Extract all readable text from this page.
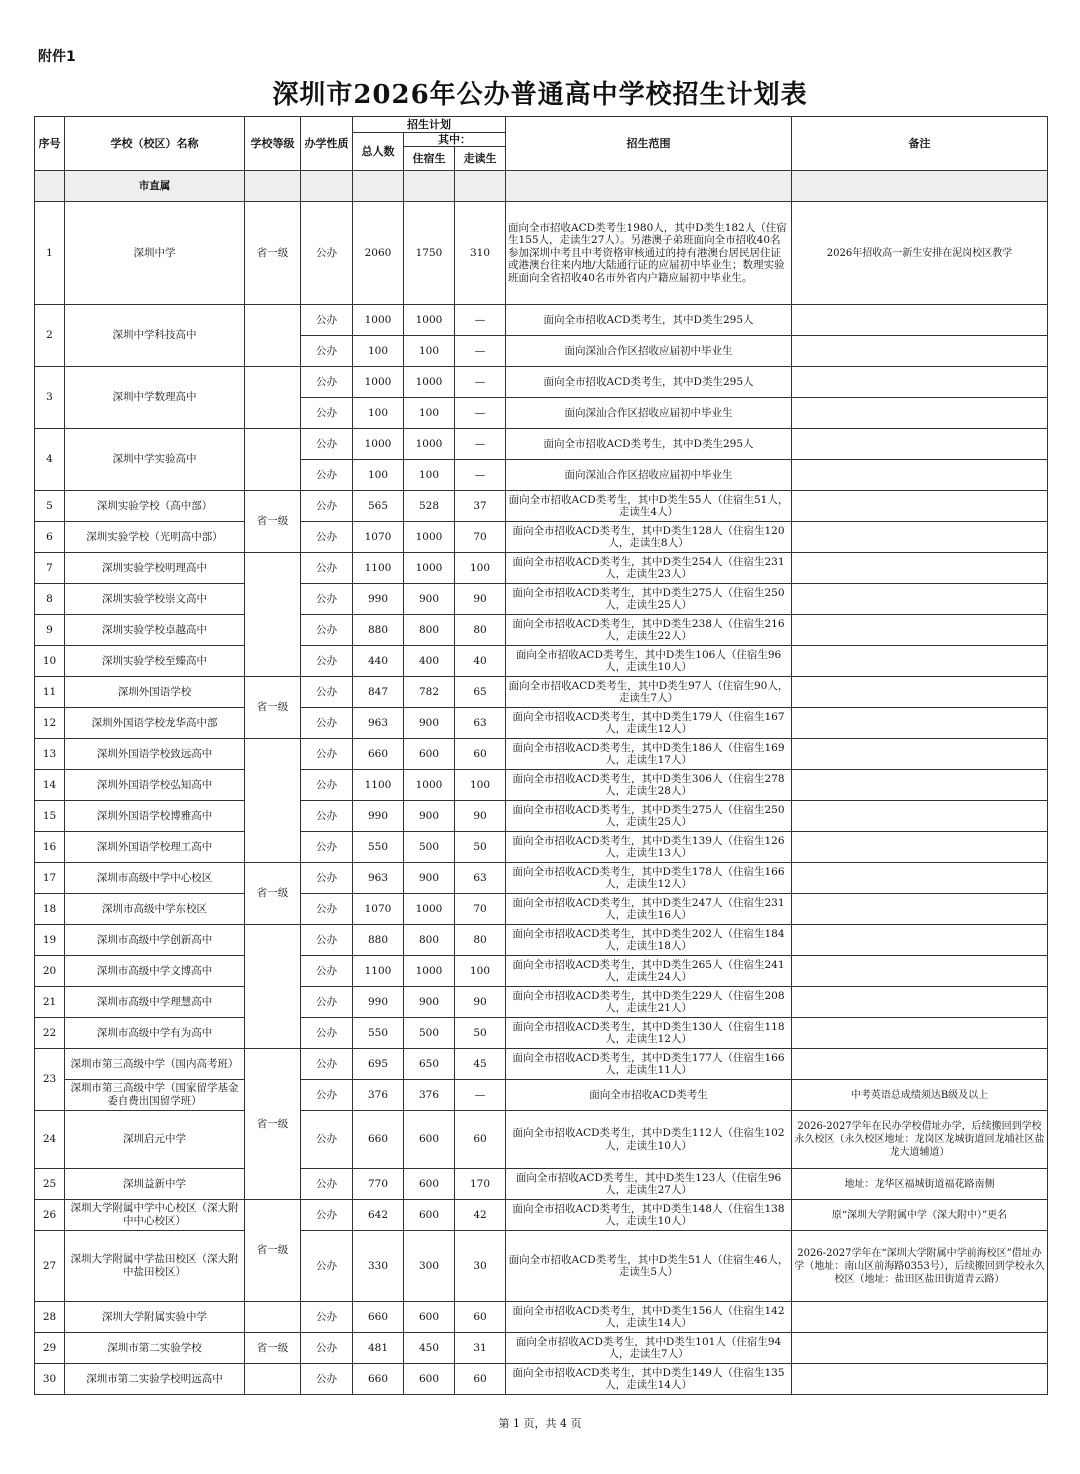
附件1
深圳市2026年公办普通高中学校招生计划表
序号	学校（校区）名称	学校等级	办学性质	招生计划			招生范围	备注
				总人数	其中：			
					住宿生	走读生		
	市直属							
1	深圳中学	省一级	公办	2060	1750	310	面向全市招收ACD类考生1980人，其中D类生182人（住宿生155人，走读生27人）。另港澳子弟班面向全市招收40名参加深圳中考且中考资格审核通过的持有港澳台居民居住证或港澳台往来内地/大陆通行证的应届初中毕业生；数理实验班面向全省招收40名市外省内户籍应届初中毕业生。	2026年招收高一新生安排在泥岗校区教学
2	深圳中学科技高中		公办	1000	1000	—	面向全市招收ACD类考生，其中D类生295人	
			公办	100	100	—	面向深汕合作区招收应届初中毕业生	
3	深圳中学数理高中		公办	1000	1000	—	面向全市招收ACD类考生，其中D类生295人	
			公办	100	100	—	面向深汕合作区招收应届初中毕业生	
4	深圳中学实验高中		公办	1000	1000	—	面向全市招收ACD类考生，其中D类生295人	
			公办	100	100	—	面向深汕合作区招收应届初中毕业生	
5	深圳实验学校（高中部）	省一级	公办	565	528	37	面向全市招收ACD类考生，其中D类生55人（住宿生51人，走读生4人）	
6	深圳实验学校（光明高中部）		公办	1070	1000	70	面向全市招收ACD类考生，其中D类生128人（住宿生120人，走读生8人）	
7	深圳实验学校明理高中		公办	1100	1000	100	面向全市招收ACD类考生，其中D类生254人（住宿生231人，走读生23人）	
8	深圳实验学校崇文高中		公办	990	900	90	面向全市招收ACD类考生，其中D类生275人（住宿生250人，走读生25人）	
9	深圳实验学校卓越高中		公办	880	800	80	面向全市招收ACD类考生，其中D类生238人（住宿生216人，走读生22人）	
10	深圳实验学校至臻高中		公办	440	400	40	面向全市招收ACD类考生，其中D类生106人（住宿生96人，走读生10人）	
11	深圳外国语学校	省一级	公办	847	782	65	面向全市招收ACD类考生，其中D类生97人（住宿生90人，走读生7人）	
12	深圳外国语学校龙华高中部		公办	963	900	63	面向全市招收ACD类考生，其中D类生179人（住宿生167人，走读生12人）	
13	深圳外国语学校致远高中		公办	660	600	60	面向全市招收ACD类考生，其中D类生186人（住宿生169人，走读生17人）	
14	深圳外国语学校弘知高中		公办	1100	1000	100	面向全市招收ACD类考生，其中D类生306人（住宿生278人，走读生28人）	
15	深圳外国语学校博雅高中		公办	990	900	90	面向全市招收ACD类考生，其中D类生275人（住宿生250人，走读生25人）	
16	深圳外国语学校理工高中		公办	550	500	50	面向全市招收ACD类考生，其中D类生139人（住宿生126人，走读生13人）	
17	深圳市高级中学中心校区	省一级	公办	963	900	63	面向全市招收ACD类考生，其中D类生178人（住宿生166人，走读生12人）	
18	深圳市高级中学东校区		公办	1070	1000	70	面向全市招收ACD类考生，其中D类生247人（住宿生231人，走读生16人）	
19	深圳市高级中学创新高中		公办	880	800	80	面向全市招收ACD类考生，其中D类生202人（住宿生184人，走读生18人）	
20	深圳市高级中学文博高中		公办	1100	1000	100	面向全市招收ACD类考生，其中D类生265人（住宿生241人，走读生24人）	
21	深圳市高级中学理慧高中		公办	990	900	90	面向全市招收ACD类考生，其中D类生229人（住宿生208人，走读生21人）	
22	深圳市高级中学有为高中		公办	550	500	50	面向全市招收ACD类考生，其中D类生130人（住宿生118人，走读生12人）	
23	深圳市第三高级中学（国内高考班）	省一级	公办	695	650	45	面向全市招收ACD类考生，其中D类生177人（住宿生166人，走读生11人）	
	深圳市第三高级中学（国家留学基金委自费出国留学班）		公办	376	376	—	面向全市招收ACD类考生	中考英语总成绩须达B级及以上
24	深圳启元中学		公办	660	600	60	面向全市招收ACD类考生，其中D类生112人（住宿生102人，走读生10人）	2026-2027学年在民办学校借址办学，后续搬回到学校永久校区（永久校区地址：龙岗区龙城街道回龙埔社区盐龙大道辅道）
25	深圳益新中学		公办	770	600	170	面向全市招收ACD类考生，其中D类生123人（住宿生96人，走读生27人）	地址：龙华区福城街道福花路南侧
26	深圳大学附属中学中心校区（深大附中中心校区）	省一级	公办	642	600	42	面向全市招收ACD类考生，其中D类生148人（住宿生138人，走读生10人）	原“深圳大学附属中学（深大附中）”更名
27	深圳大学附属中学盐田校区（深大附中盐田校区）		公办	330	300	30	面向全市招收ACD类考生，其中D类生51人（住宿生46人，走读生5人）	2026-2027学年在“深圳大学附属中学前海校区”借址办学（地址：南山区前海路0353号），后续搬回到学校永久校区（地址：盐田区盐田街道青云路）
28	深圳大学附属实验中学		公办	660	600	60	面向全市招收ACD类考生，其中D类生156人（住宿生142人，走读生14人）	
29	深圳市第二实验学校	省一级	公办	481	450	31	面向全市招收ACD类考生，其中D类生101人（住宿生94人，走读生7人）	
30	深圳市第二实验学校明远高中		公办	660	600	60	面向全市招收ACD类考生，其中D类生149人（住宿生135人，走读生14人）	
第 1 页，共 4 页
